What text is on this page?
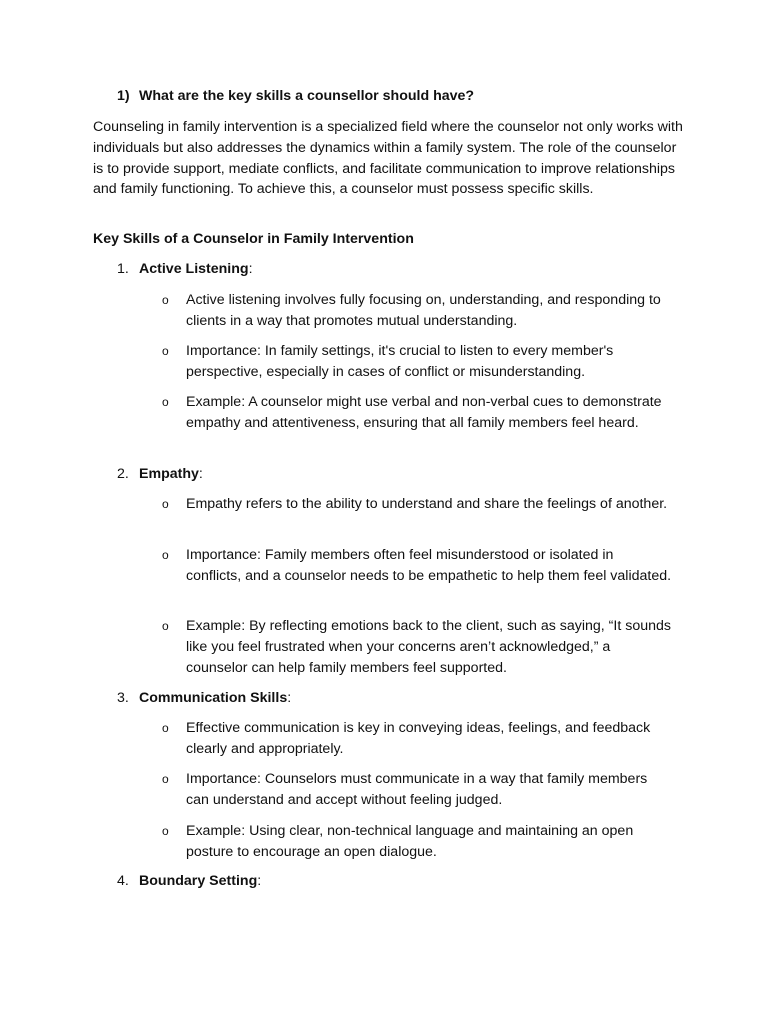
1) What are the key skills a counsellor should have?

Counseling in family intervention is a specialized field where the counselor not only works with individuals but also addresses the dynamics within a family system. The role of the counselor is to provide support, mediate conflicts, and facilitate communication to improve relationships and family functioning. To achieve this, a counselor must possess specific skills.

Key Skills of a Counselor in Family Intervention

1. Active Listening:
o Active listening involves fully focusing on, understanding, and responding to clients in a way that promotes mutual understanding.
o Importance: In family settings, it's crucial to listen to every member's perspective, especially in cases of conflict or misunderstanding.
o Example: A counselor might use verbal and non-verbal cues to demonstrate empathy and attentiveness, ensuring that all family members feel heard.
2. Empathy:
o Empathy refers to the ability to understand and share the feelings of another.
o Importance: Family members often feel misunderstood or isolated in conflicts, and a counselor needs to be empathetic to help them feel validated.
o Example: By reflecting emotions back to the client, such as saying, “It sounds like you feel frustrated when your concerns aren’t acknowledged,” a counselor can help family members feel supported.
3. Communication Skills:
o Effective communication is key in conveying ideas, feelings, and feedback clearly and appropriately.
o Importance: Counselors must communicate in a way that family members can understand and accept without feeling judged.
o Example: Using clear, non-technical language and maintaining an open posture to encourage an open dialogue.
4. Boundary Setting:
